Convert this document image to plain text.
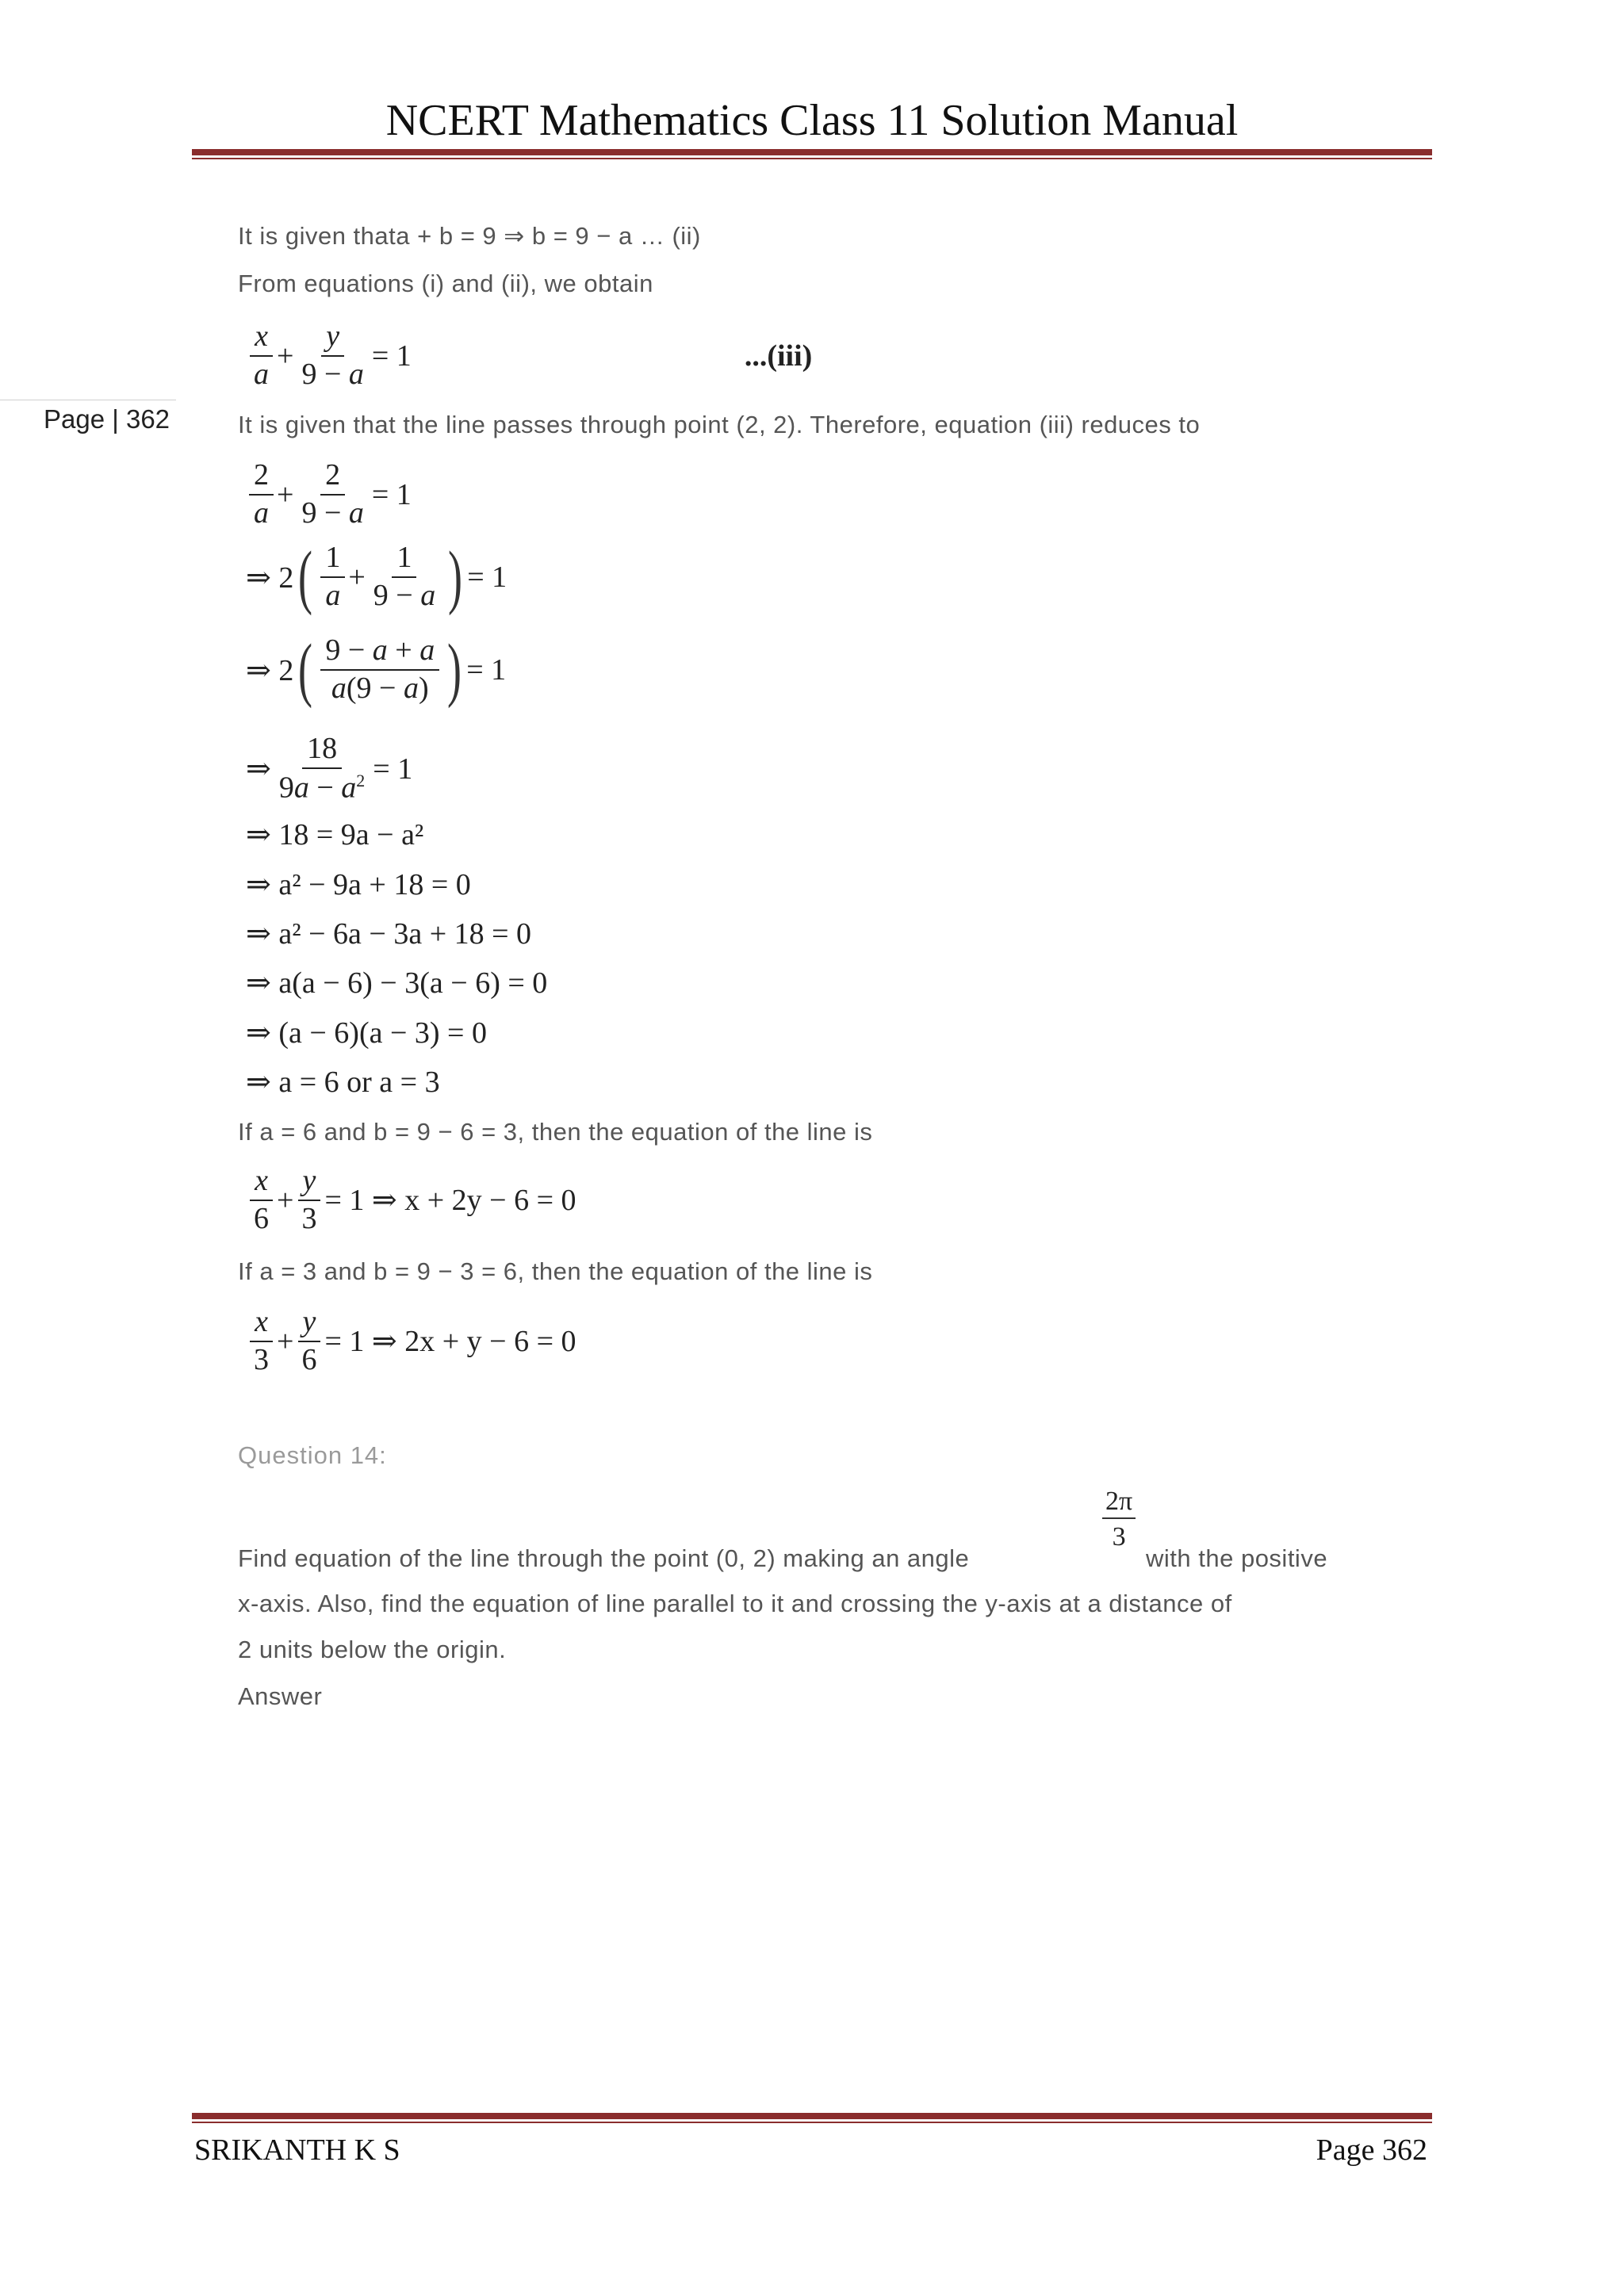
NCERT Mathematics Class 11 Solution Manual
Page | 362
It is given thata + b = 9 ⇒ b = 9 − a … (ii)
From equations (i) and (ii), we obtain
$\frac{x}{a} + \frac{y}{9 - a} = 1$	...(iii)
It is given that the line passes through point (2, 2). Therefore, equation (iii) reduces to
$\frac{2}{a} + \frac{2}{9 - a} = 1$
⇒ 2 ( $\frac{1}{a} + \frac{1}{9 - a}$ ) = 1
⇒ 2 ( $\frac{9 - a + a}{a(9 - a)}$ ) = 1
⇒ $\frac{18}{9a - a^2} = 1$
⇒ 18 = 9a − a²
⇒ a² − 9a + 18 = 0
⇒ a² − 6a − 3a + 18 = 0
⇒ a(a − 6) − 3(a − 6) = 0
⇒ (a − 6)(a − 3) = 0
⇒ a = 6 or a = 3
If a = 6 and b = 9 − 6 = 3, then the equation of the line is
$\frac{x}{6} + \frac{y}{3} = 1$ ⇒ x + 2y − 6 = 0
If a = 3 and b = 9 − 3 = 6, then the equation of the line is
$\frac{x}{3} + \frac{y}{6} = 1$ ⇒ 2x + y − 6 = 0
Question 14:
$\frac{2\pi}{3}$
Find equation of the line through the point (0, 2) making an angle	with the positive
x-axis. Also, find the equation of line parallel to it and crossing the y-axis at a distance of
2 units below the origin.
Answer
SRIKANTH K S	Page 362
